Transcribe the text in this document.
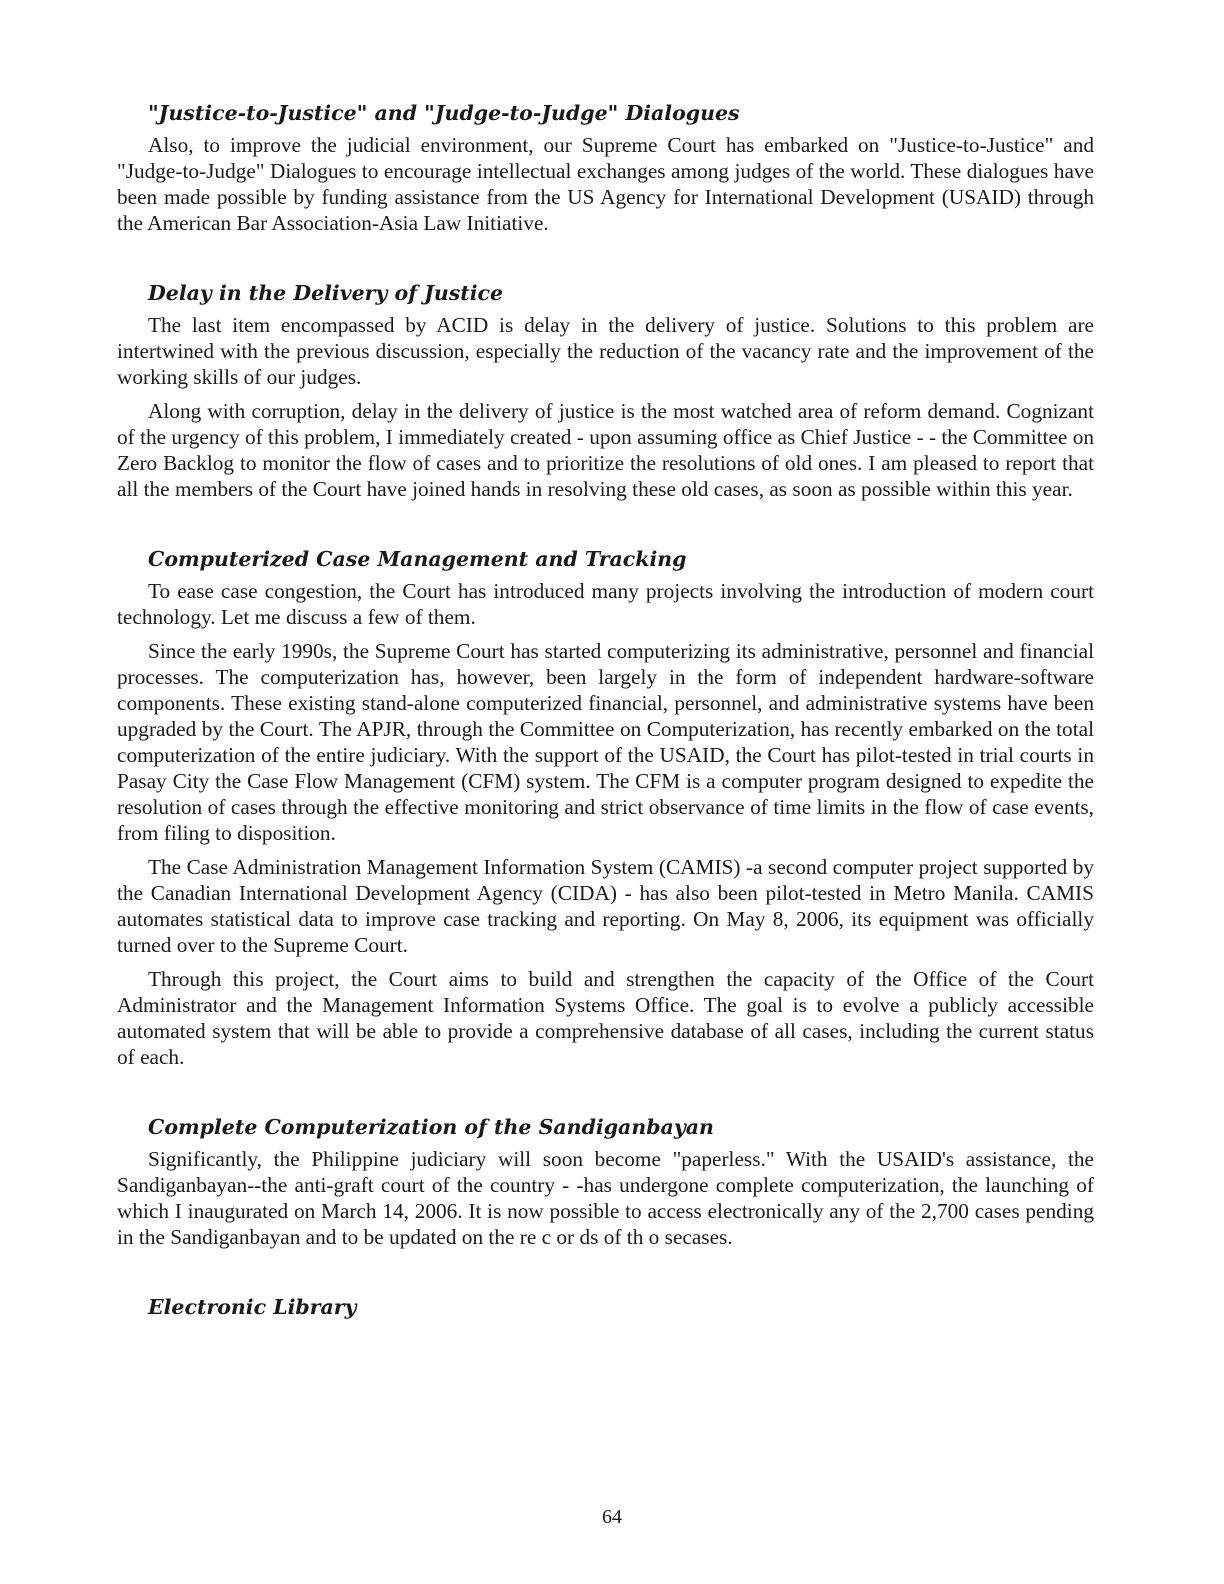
"Justice-to-Justice" and "Judge-to-Judge" Dialogues

Also, to improve the judicial environment, our Supreme Court has embarked on "Justice-to-Justice" and "Judge-to-Judge" Dialogues to encourage intellectual exchanges among judges of the world. These dialogues have been made possible by funding assistance from the US Agency for International Development (USAID) through the American Bar Association-Asia Law Initiative.

Delay in the Delivery of Justice

The last item encompassed by ACID is delay in the delivery of justice. Solutions to this problem are intertwined with the previous discussion, especially the reduction of the vacancy rate and the improvement of the working skills of our judges.

Along with corruption, delay in the delivery of justice is the most watched area of reform demand. Cognizant of the urgency of this problem, I immediately created - upon assuming office as Chief Justice - - the Committee on Zero Backlog to monitor the flow of cases and to prioritize the resolutions of old ones. I am pleased to report that all the members of the Court have joined hands in resolving these old cases, as soon as possible within this year.

Computerized Case Management and Tracking

To ease case congestion, the Court has introduced many projects involving the introduction of modern court technology. Let me discuss a few of them.

Since the early 1990s, the Supreme Court has started computerizing its administrative, personnel and financial processes. The computerization has, however, been largely in the form of independent hardware-software components. These existing stand-alone computerized financial, personnel, and administrative systems have been upgraded by the Court. The APJR, through the Committee on Computerization, has recently embarked on the total computerization of the entire judiciary. With the support of the USAID, the Court has pilot-tested in trial courts in Pasay City the Case Flow Management (CFM) system. The CFM is a computer program designed to expedite the resolution of cases through the effective monitoring and strict observance of time limits in the flow of case events, from filing to disposition.

The Case Administration Management Information System (CAMIS) -a second computer project supported by the Canadian International Development Agency (CIDA) - has also been pilot-tested in Metro Manila. CAMIS automates statistical data to improve case tracking and reporting. On May 8, 2006, its equipment was officially turned over to the Supreme Court.

Through this project, the Court aims to build and strengthen the capacity of the Office of the Court Administrator and the Management Information Systems Office. The goal is to evolve a publicly accessible automated system that will be able to provide a comprehensive database of all cases, including the current status of each.

Complete Computerization of the Sandiganbayan

Significantly, the Philippine judiciary will soon become "paperless." With the USAID's assistance, the Sandiganbayan--the anti-graft court of the country - -has undergone complete computerization, the launching of which I inaugurated on March 14, 2006. It is now possible to access electronically any of the 2,700 cases pending in the Sandiganbayan and to be updated on the re c or ds of th o secases.

Electronic Library
64
